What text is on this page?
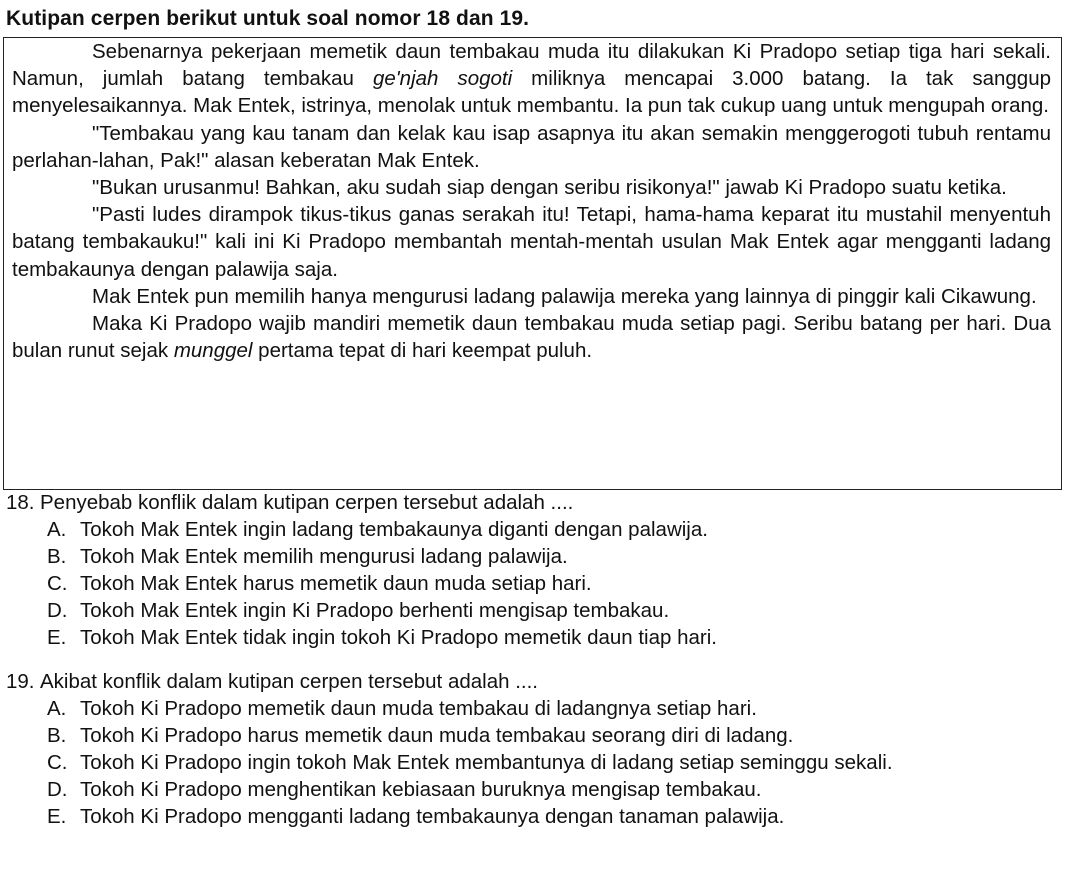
Kutipan cerpen berikut untuk soal nomor 18 dan 19.

Sebenarnya pekerjaan memetik daun tembakau muda itu dilakukan Ki Pradopo setiap tiga hari sekali. Namun, jumlah batang tembakau ge'njah sogoti miliknya mencapai 3.000 batang. Ia tak sanggup menyelesaikannya. Mak Entek, istrinya, menolak untuk membantu. Ia pun tak cukup uang untuk mengupah orang.

"Tembakau yang kau tanam dan kelak kau isap asapnya itu akan semakin menggerogoti tubuh rentamu perlahan-lahan, Pak!" alasan keberatan Mak Entek.

"Bukan urusanmu! Bahkan, aku sudah siap dengan seribu risikonya!" jawab Ki Pradopo suatu ketika.

"Pasti ludes dirampok tikus-tikus ganas serakah itu! Tetapi, hama-hama keparat itu mustahil menyentuh batang tembakauku!" kali ini Ki Pradopo membantah mentah-mentah usulan Mak Entek agar mengganti ladang tembakaunya dengan palawija saja.

Mak Entek pun memilih hanya mengurusi ladang palawija mereka yang lainnya di pinggir kali Cikawung.

Maka Ki Pradopo wajib mandiri memetik daun tembakau muda setiap pagi. Seribu batang per hari. Dua bulan runut sejak munggel pertama tepat di hari keempat puluh.

18. Penyebab konflik dalam kutipan cerpen tersebut adalah ....
A. Tokoh Mak Entek ingin ladang tembakaunya diganti dengan palawija.
B. Tokoh Mak Entek memilih mengurusi ladang palawija.
C. Tokoh Mak Entek harus memetik daun muda setiap hari.
D. Tokoh Mak Entek ingin Ki Pradopo berhenti mengisap tembakau.
E. Tokoh Mak Entek tidak ingin tokoh Ki Pradopo memetik daun tiap hari.
19. Akibat konflik dalam kutipan cerpen tersebut adalah ....
A. Tokoh Ki Pradopo memetik daun muda tembakau di ladangnya setiap hari.
B. Tokoh Ki Pradopo harus memetik daun muda tembakau seorang diri di ladang.
C. Tokoh Ki Pradopo ingin tokoh Mak Entek membantunya di ladang setiap seminggu sekali.
D. Tokoh Ki Pradopo menghentikan kebiasaan buruknya mengisap tembakau.
E. Tokoh Ki Pradopo mengganti ladang tembakaunya dengan tanaman palawija.
